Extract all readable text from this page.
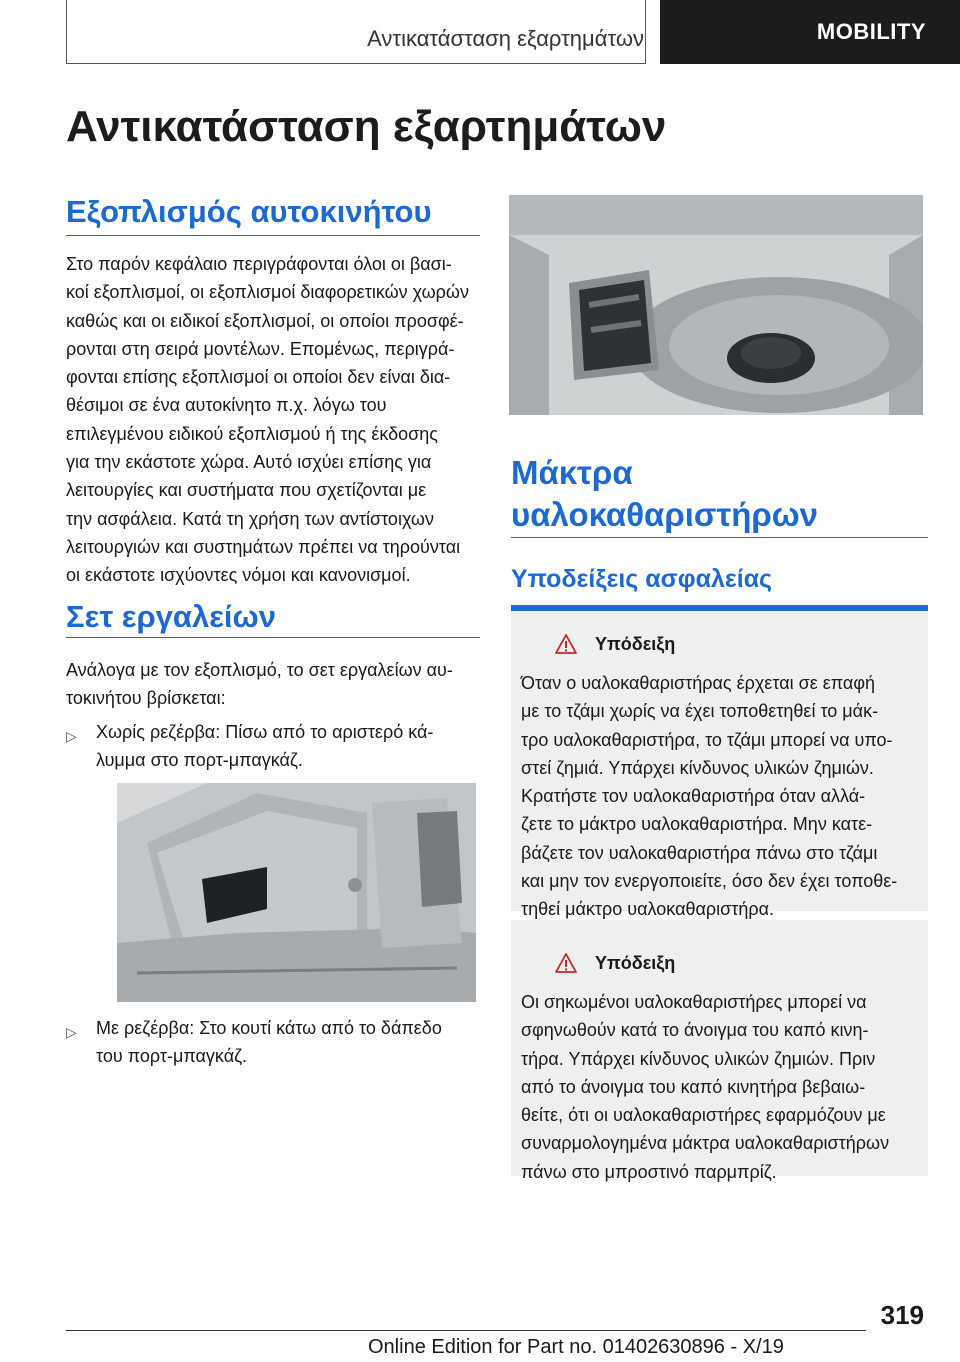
Αντικατάσταση εξαρτημάτων	MOBILITY
Αντικατάσταση εξαρτημάτων
Εξοπλισμός αυτοκινήτου

Στο παρόν κεφάλαιο περιγράφονται όλοι οι βασι‐

κοί εξοπλισμοί, οι εξοπλισμοί διαφορετικών χωρών

καθώς και οι ειδικοί εξοπλισμοί, οι οποίοι προσφέ‐

ρονται στη σειρά μοντέλων. Επομένως, περιγρά‐

φονται επίσης εξοπλισμοί οι οποίοι δεν είναι δια‐

θέσιμοι σε ένα αυτοκίνητο π.χ. λόγω του

επιλεγμένου ειδικού εξοπλισμού ή της έκδοσης

για την εκάστοτε χώρα. Αυτό ισχύει επίσης για

λειτουργίες και συστήματα που σχετίζονται με

την ασφάλεια. Κατά τη χρήση των αντίστοιχων

λειτουργιών και συστημάτων πρέπει να τηρούνται

οι εκάστοτε ισχύοντες νόμοι και κανονισμοί.

Σετ εργαλείων

Ανάλογα με τον εξοπλισμό, το σετ εργαλείων αυ‐

τοκινήτου βρίσκεται:

▷	Χωρίς ρεζέρβα: Πίσω από το αριστερό κά‐

λυμμα στο πορτ-μπαγκάζ.

▷	Με ρεζέρβα: Στο κουτί κάτω από το δάπεδο

του πορτ-μπαγκάζ.

Μάκτρα
υαλοκαθαριστήρων
Υποδείξεις ασφαλείας
Υπόδειξη

Όταν ο υαλοκαθαριστήρας έρχεται σε επαφή

με το τζάμι χωρίς να έχει τοποθετηθεί το μάκ‐

τρο υαλοκαθαριστήρα, το τζάμι μπορεί να υπο‐

στεί ζημιά. Υπάρχει κίνδυνος υλικών ζημιών.

Κρατήστε τον υαλοκαθαριστήρα όταν αλλά‐

ζετε το μάκτρο υαλοκαθαριστήρα. Μην κατε‐

βάζετε τον υαλοκαθαριστήρα πάνω στο τζάμι

και μην τον ενεργοποιείτε, όσο δεν έχει τοποθε‐

τηθεί μάκτρο υαλοκαθαριστήρα.

Υπόδειξη

Οι σηκωμένοι υαλοκαθαριστήρες μπορεί να

σφηνωθούν κατά το άνοιγμα του καπό κινη‐

τήρα. Υπάρχει κίνδυνος υλικών ζημιών. Πριν

από το άνοιγμα του καπό κινητήρα βεβαιω‐

θείτε, ότι οι υαλοκαθαριστήρες εφαρμόζουν με

συναρμολογημένα μάκτρα υαλοκαθαριστήρων

πάνω στο μπροστινό παρμπρίζ.

319
Online Edition for Part no. 01402630896 - X/19
